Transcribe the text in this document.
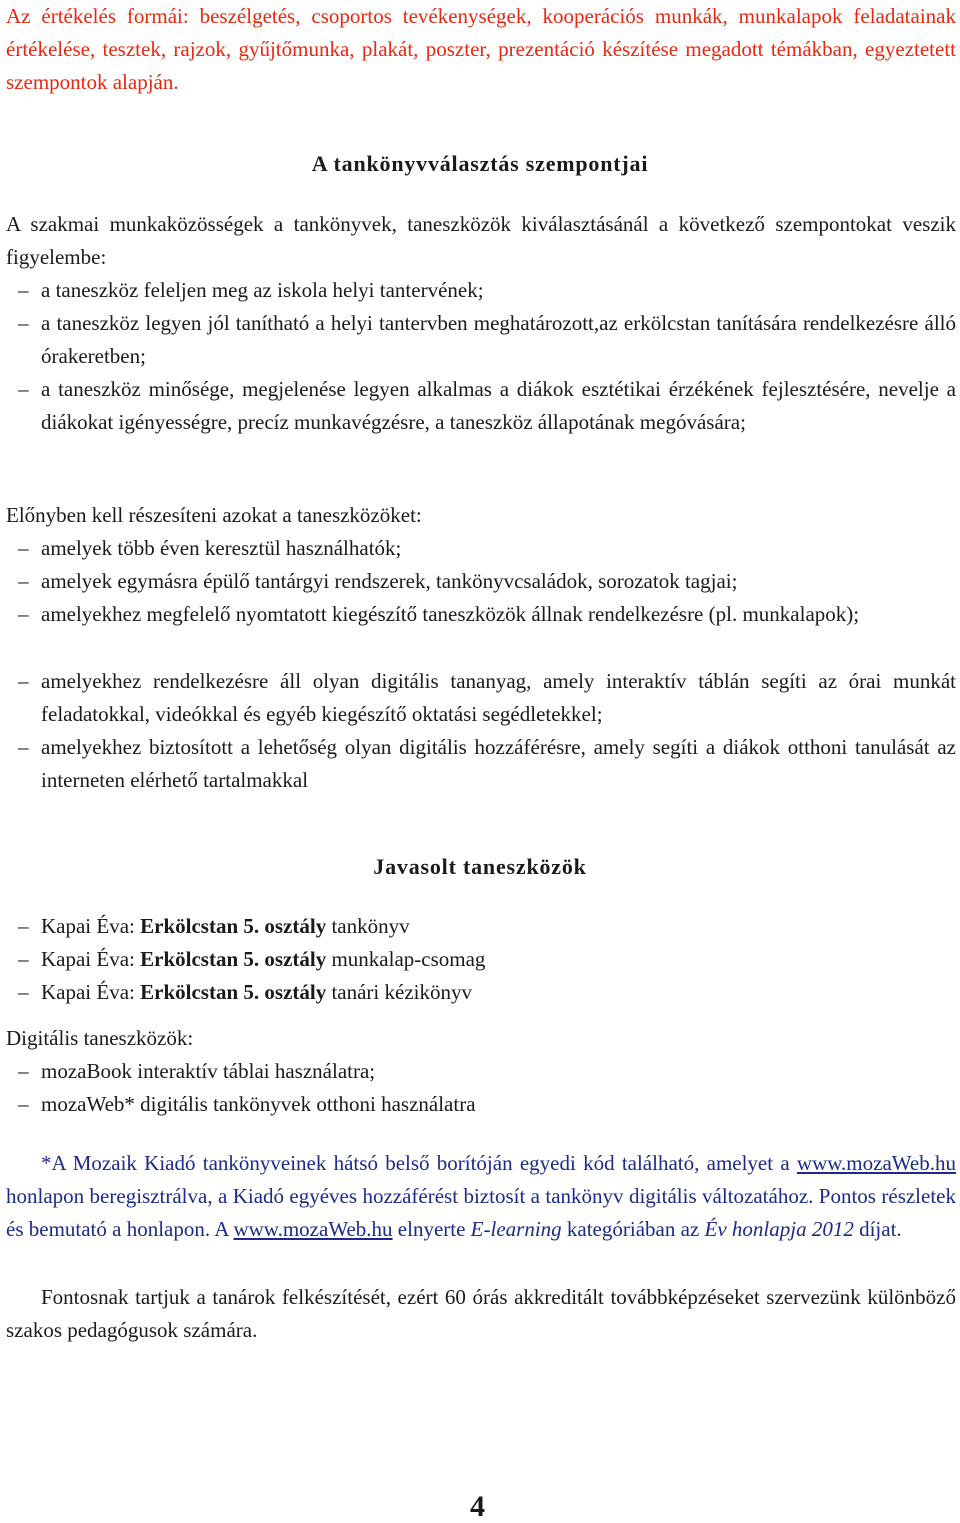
Az értékelés formái: beszélgetés, csoportos tevékenységek, kooperációs munkák, munkalapok feladatainak értékelése, tesztek, rajzok, gyűjtőmunka, plakát, poszter, prezentáció készítése megadott témákban, egyeztetett szempontok alapján.

A tankönyvválasztás szempontjai

A szakmai munkaközösségek a tankönyvek, taneszközök kiválasztásánál a következő szempontokat veszik figyelembe:

– a taneszköz feleljen meg az iskola helyi tantervének;
– a taneszköz legyen jól tanítható a helyi tantervben meghatározott,az erkölcstan tanítására rendelkezésre álló órakeretben;
– a taneszköz minősége, megjelenése legyen alkalmas a diákok esztétikai érzékének fejlesztésére, nevelje a diákokat igényességre, precíz munkavégzésre, a taneszköz állapotának megóvására;

Előnyben kell részesíteni azokat a taneszközöket:

– amelyek több éven keresztül használhatók;
– amelyek egymásra épülő tantárgyi rendszerek, tankönyvcsaládok, sorozatok tagjai;
– amelyekhez megfelelő nyomtatott kiegészítő taneszközök állnak rendelkezésre (pl. munkalapok);
– amelyekhez rendelkezésre áll olyan digitális tananyag, amely interaktív táblán segíti az órai munkát feladatokkal, videókkal és egyéb kiegészítő oktatási segédletekkel;
– amelyekhez biztosított a lehetőség olyan digitális hozzáférésre, amely segíti a diákok otthoni tanulását az interneten elérhető tartalmakkal

Javasolt taneszközök

– Kapai Éva: Erkölcstan 5. osztály tankönyv
– Kapai Éva: Erkölcstan 5. osztály munkalap-csomag
– Kapai Éva: Erkölcstan 5. osztály tanári kézikönyv

Digitális taneszközök:

– mozaBook interaktív táblai használatra;
– mozaWeb* digitális tankönyvek otthoni használatra

*A Mozaik Kiadó tankönyveinek hátsó belső borítóján egyedi kód található, amelyet a www.mozaWeb.hu honlapon beregisztrálva, a Kiadó egyéves hozzáférést biztosít a tankönyv digitális változatához. Pontos részletek és bemutató a honlapon. A www.mozaWeb.hu elnyerte E-learning kategóriában az Év honlapja 2012 díjat.

Fontosnak tartjuk a tanárok felkészítését, ezért 60 órás akkreditált továbbképzéseket szervezünk különböző szakos pedagógusok számára.

4
